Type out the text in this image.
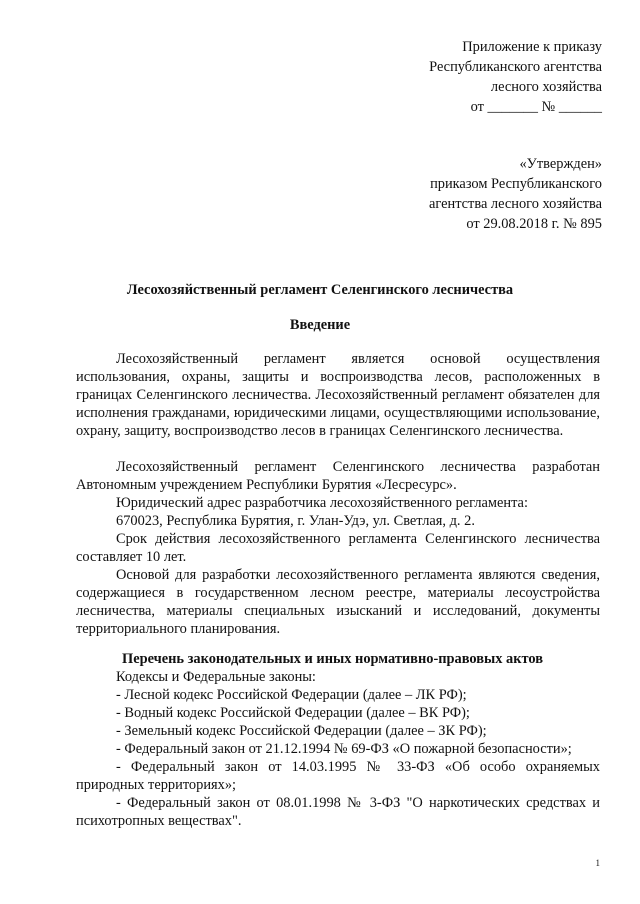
Приложение к приказу
Республиканского агентства
лесного хозяйства
от _______ № ______
«Утвержден»
приказом Республиканского
агентства лесного хозяйства
от 29.08.2018 г. № 895
Лесохозяйственный регламент Селенгинского лесничества
Введение
Лесохозяйственный регламент является основой осуществления использования, охраны, защиты и воспроизводства лесов, расположенных в границах Селенгинского лесничества. Лесохозяйственный регламент обязателен для исполнения гражданами, юридическими лицами, осуществляющими использование, охрану, защиту, воспроизводство лесов в границах Селенгинского лесничества.
Лесохозяйственный регламент Селенгинского лесничества разработан Автономным учреждением Республики Бурятия «Лесресурс».
Юридический адрес разработчика лесохозяйственного регламента:
670023, Республика Бурятия, г. Улан-Удэ, ул. Светлая, д. 2.
Срок действия лесохозяйственного регламента Селенгинского лесничества составляет 10 лет.
Основой для разработки лесохозяйственного регламента являются сведения, содержащиеся в государственном лесном реестре, материалы лесоустройства лесничества, материалы специальных изысканий и исследований, документы территориального планирования.
Перечень законодательных и иных нормативно-правовых актов
Кодексы и Федеральные законы:
- Лесной кодекс Российской Федерации (далее – ЛК РФ);
- Водный кодекс Российской Федерации (далее – ВК РФ);
- Земельный кодекс Российской Федерации (далее – ЗК РФ);
- Федеральный закон от 21.12.1994 № 69-ФЗ «О пожарной безопасности»;
- Федеральный закон от 14.03.1995 № 33-ФЗ «Об особо охраняемых природных территориях»;
- Федеральный закон от 08.01.1998 № 3-ФЗ "О наркотических средствах и психотропных веществах".
1
